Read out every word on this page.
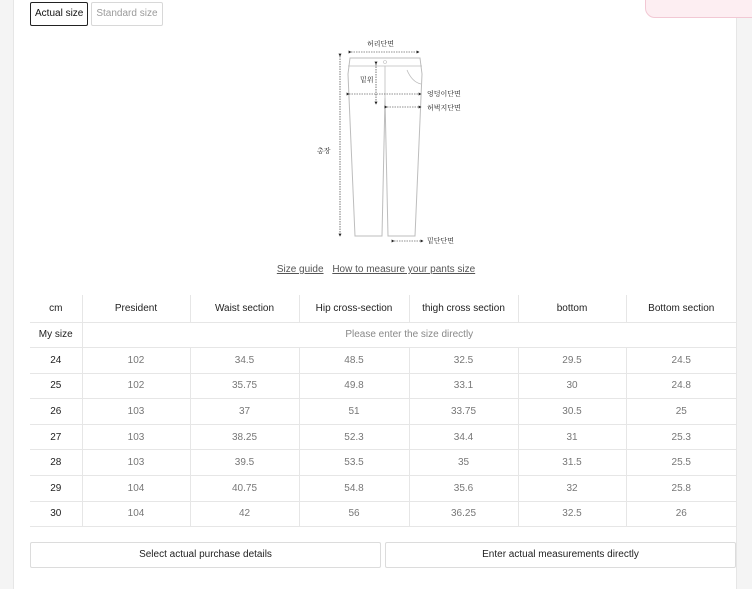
Actual size	Standard size
허리단면
밑위
총장
엉덩이단면
허벅지단면
밑단단면
Size guide How to measure your pants size
cm	President	Waist section	Hip cross-section	thigh cross section	bottom	Bottom section
My size	Please enter the size directly					
24	102	34.5	48.5	32.5	29.5	24.5
25	102	35.75	49.8	33.1	30	24.8
26	103	37	51	33.75	30.5	25
27	103	38.25	52.3	34.4	31	25.3
28	103	39.5	53.5	35	31.5	25.5
29	104	40.75	54.8	35.6	32	25.8
30	104	42	56	36.25	32.5	26
Select actual purchase details	Enter actual measurements directly
